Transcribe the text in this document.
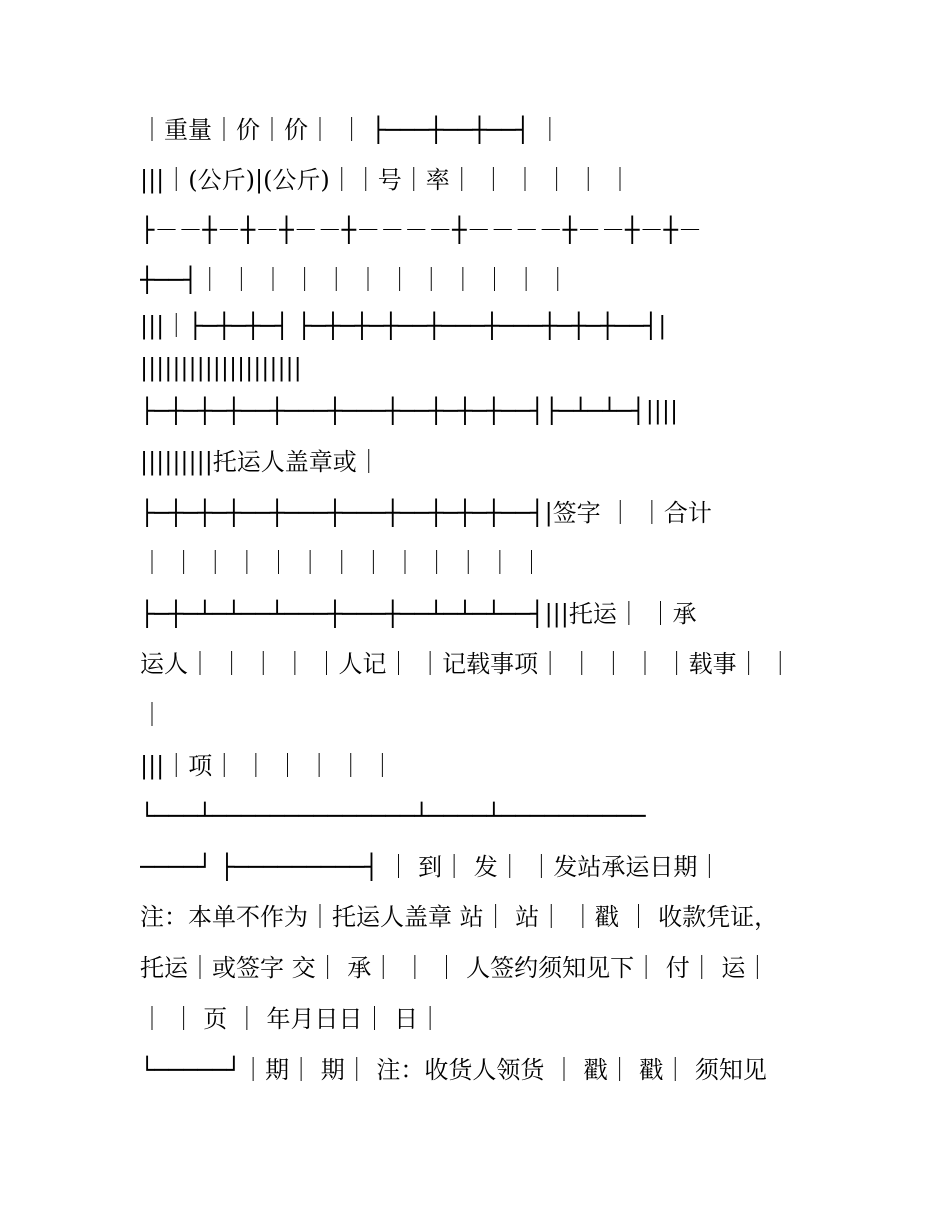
｜重量｜价｜价｜ ｜ ├───┼──┼──┤ ｜
|||｜(公斤)|(公斤)｜｜号｜率｜ ｜ ｜ ｜ ｜ ｜
├－－┼－┼－┼－－┼－－－－┼－－－－┼－－┼－┼－
┼──┤｜ ｜ ｜ ｜ ｜ ｜ ｜ ｜ ｜ ｜ ｜ ｜
|||｜├─┼─┼─┤ ├─┼─┼─┼──┼───┼───┼─┼─┼──┤|
||||||||||||||||||||
├─┼─┼─┼──┼───┼───┼──┼─┼─┼──┤├─┴─┴─┤||||
|||||||||托运人盖章或｜
├─┼─┼─┼──┼───┼───┼──┼─┼─┼──┤|签字 ｜ ｜合计
｜ ｜ ｜ ｜ ｜ ｜ ｜ ｜ ｜ ｜ ｜ ｜ ｜
├─┼─┴─┴──┴───┼───┼──┴─┴─┴──┤|||托运｜ ｜承
运人｜ ｜ ｜ ｜ ｜人记｜ ｜记载事项｜ ｜ ｜ ｜ ｜载事｜ ｜
｜
|||｜项｜ ｜ ｜ ｜ ｜ ｜
└───┴──────────────┴────┴──────────
────┘ ├─────────┤ ｜ 到｜ 发｜ ｜发站承运日期｜
注：本单不作为｜托运人盖章 站｜ 站｜ ｜戳 ｜ 收款凭证，
托运｜或签字 交｜ 承｜ ｜ ｜ 人签约须知见下｜ 付｜ 运｜
｜ ｜ 页 ｜ 年月日日｜ 日｜
└─────┘｜期｜ 期｜ 注：收货人领货 ｜ 戳｜ 戳｜ 须知见
